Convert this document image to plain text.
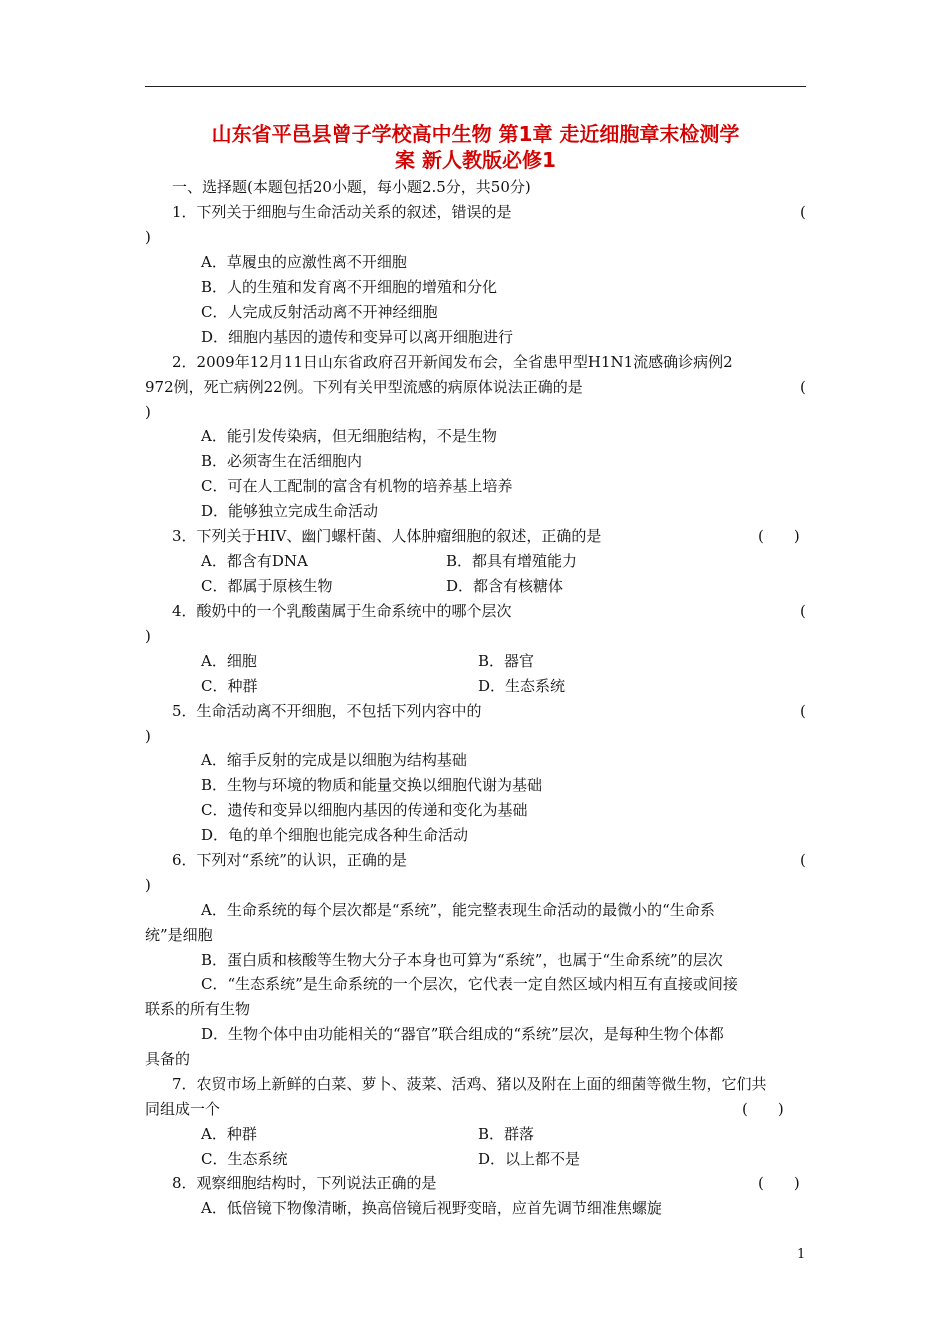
山东省平邑县曾子学校高中生物 第1章 走近细胞章末检测学
案 新人教版必修1
一、选择题(本题包括20小题，每小题2.5分，共50分)
1．下列关于细胞与生命活动关系的叙述，错误的是	(
)
A．草履虫的应激性离不开细胞
B．人的生殖和发育离不开细胞的增殖和分化
C．人完成反射活动离不开神经细胞
D．细胞内基因的遗传和变异可以离开细胞进行
2．2009年12月11日山东省政府召开新闻发布会，全省患甲型H1N1流感确诊病例2
972例，死亡病例22例。下列有关甲型流感的病原体说法正确的是	(
)
A．能引发传染病，但无细胞结构，不是生物
B．必须寄生在活细胞内
C．可在人工配制的富含有机物的培养基上培养
D．能够独立完成生命活动
3．下列关于HIV、幽门螺杆菌、人体肿瘤细胞的叙述，正确的是	(　　)
A．都含有DNA	B．都具有增殖能力
C．都属于原核生物	D．都含有核糖体
4．酸奶中的一个乳酸菌属于生命系统中的哪个层次	(
)
A．细胞	B．器官
C．种群	D．生态系统
5．生命活动离不开细胞，不包括下列内容中的	(
)
A．缩手反射的完成是以细胞为结构基础
B．生物与环境的物质和能量交换以细胞代谢为基础
C．遗传和变异以细胞内基因的传递和变化为基础
D．龟的单个细胞也能完成各种生命活动
6．下列对“系统”的认识，正确的是	(
)
A．生命系统的每个层次都是“系统”，能完整表现生命活动的最微小的“生命系
统”是细胞
B．蛋白质和核酸等生物大分子本身也可算为“系统”，也属于“生命系统”的层次
C．“生态系统”是生命系统的一个层次，它代表一定自然区域内相互有直接或间接
联系的所有生物
D．生物个体中由功能相关的“器官”联合组成的“系统”层次，是每种生物个体都
具备的
7．农贸市场上新鲜的白菜、萝卜、菠菜、活鸡、猪以及附在上面的细菌等微生物，它们共
同组成一个	(　　)
A．种群	B．群落
C．生态系统	D．以上都不是
8．观察细胞结构时，下列说法正确的是	(　　)
A．低倍镜下物像清晰，换高倍镜后视野变暗，应首先调节细准焦螺旋
1
